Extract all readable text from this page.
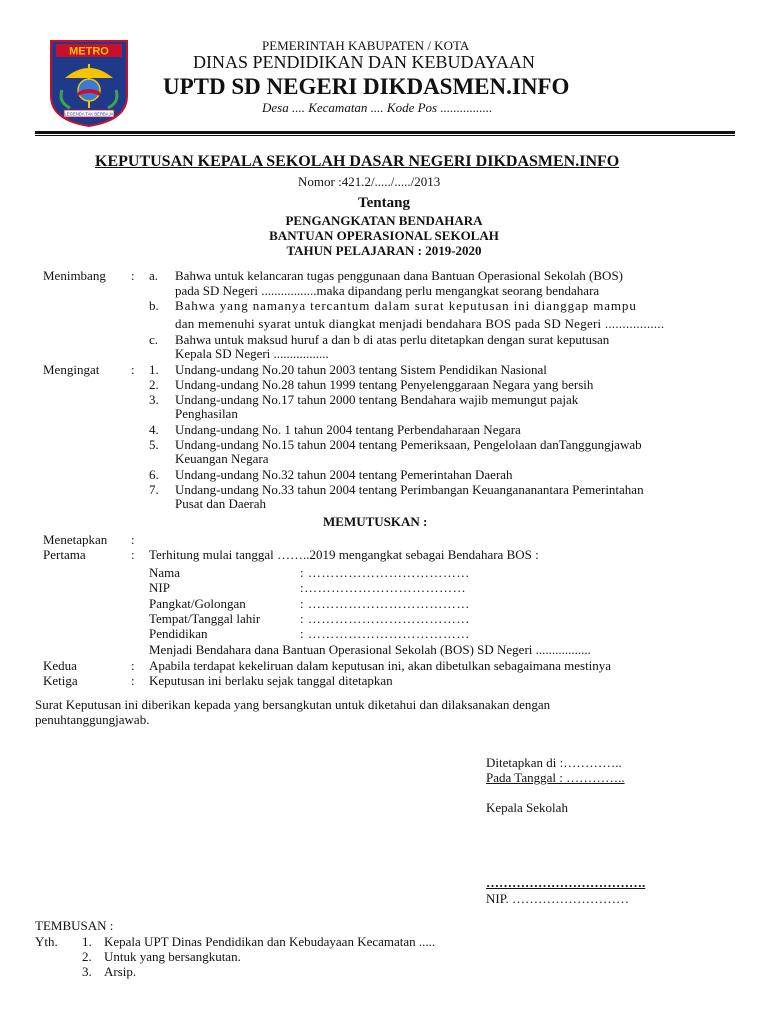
METRO
LEGENDA TAK BERBAJA
PEMERINTAH KABUPATEN / KOTA
DINAS PENDIDIKAN DAN KEBUDAYAAN
UPTD SD NEGERI DIKDASMEN.INFO
Desa .... Kecamatan .... Kode Pos ................
KEPUTUSAN KEPALA SEKOLAH DASAR NEGERI DIKDASMEN.INFO
Nomor :421.2/...../...../2013
Tentang
PENGANGKATAN BENDAHARA
BANTUAN OPERASIONAL SEKOLAH
TAHUN PELAJARAN : 2019-2020
Menimbang : a. Bahwa untuk kelancaran tugas penggunaan dana Bantuan Operasional Sekolah (BOS)
pada SD Negeri .................maka dipandang perlu mengangkat seorang bendahara
b. Bahwa yang namanya tercantum dalam surat keputusan ini dianggap mampu
dan memenuhi syarat untuk diangkat menjadi bendahara BOS pada SD Negeri .................
c. Bahwa untuk maksud huruf a dan b di atas perlu ditetapkan dengan surat keputusan
Kepala SD Negeri .................
Mengingat : 1. Undang-undang No.20 tahun 2003 tentang Sistem Pendidikan Nasional
2. Undang-undang No.28 tahun 1999 tentang Penyelenggaraan Negara yang bersih
3. Undang-undang No.17 tahun 2000 tentang Bendahara wajib memungut pajak
Penghasilan
4. Undang-undang No. 1 tahun 2004 tentang Perbendaharaan Negara
5. Undang-undang No.15 tahun 2004 tentang Pemeriksaan, Pengelolaan danTanggungjawab
Keuangan Negara
6. Undang-undang No.32 tahun 2004 tentang Pemerintahan Daerah
7. Undang-undang No.33 tahun 2004 tentang Perimbangan Keuangananantara Pemerintahan
Pusat dan Daerah
MEMUTUSKAN :
Menetapkan :
Pertama	: Terhitung mulai tanggal ……..2019 mengangkat sebagai Bendahara BOS :
Nama	: ………………………………
NIP	:………………………………
Pangkat/Golongan	: ………………………………
Tempat/Tanggal lahir	: ………………………………
Pendidikan	: ………………………………
Menjadi Bendahara dana Bantuan Operasional Sekolah (BOS) SD Negeri .................
Kedua	: Apabila terdapat kekeliruan dalam keputusan ini, akan dibetulkan sebagaimana mestinya
Ketiga	: Keputusan ini berlaku sejak tanggal ditetapkan
Surat Keputusan ini diberikan kepada yang bersangkutan untuk diketahui dan dilaksanakan dengan
penuhtanggungjawab.
Ditetapkan di :…………..
Pada Tanggal : …………..
Kepala Sekolah
……………………………….
NIP. ………………………
TEMBUSAN :
Yth. 1. Kepala UPT Dinas Pendidikan dan Kebudayaan Kecamatan .....
2. Untuk yang bersangkutan.
3. Arsip.
